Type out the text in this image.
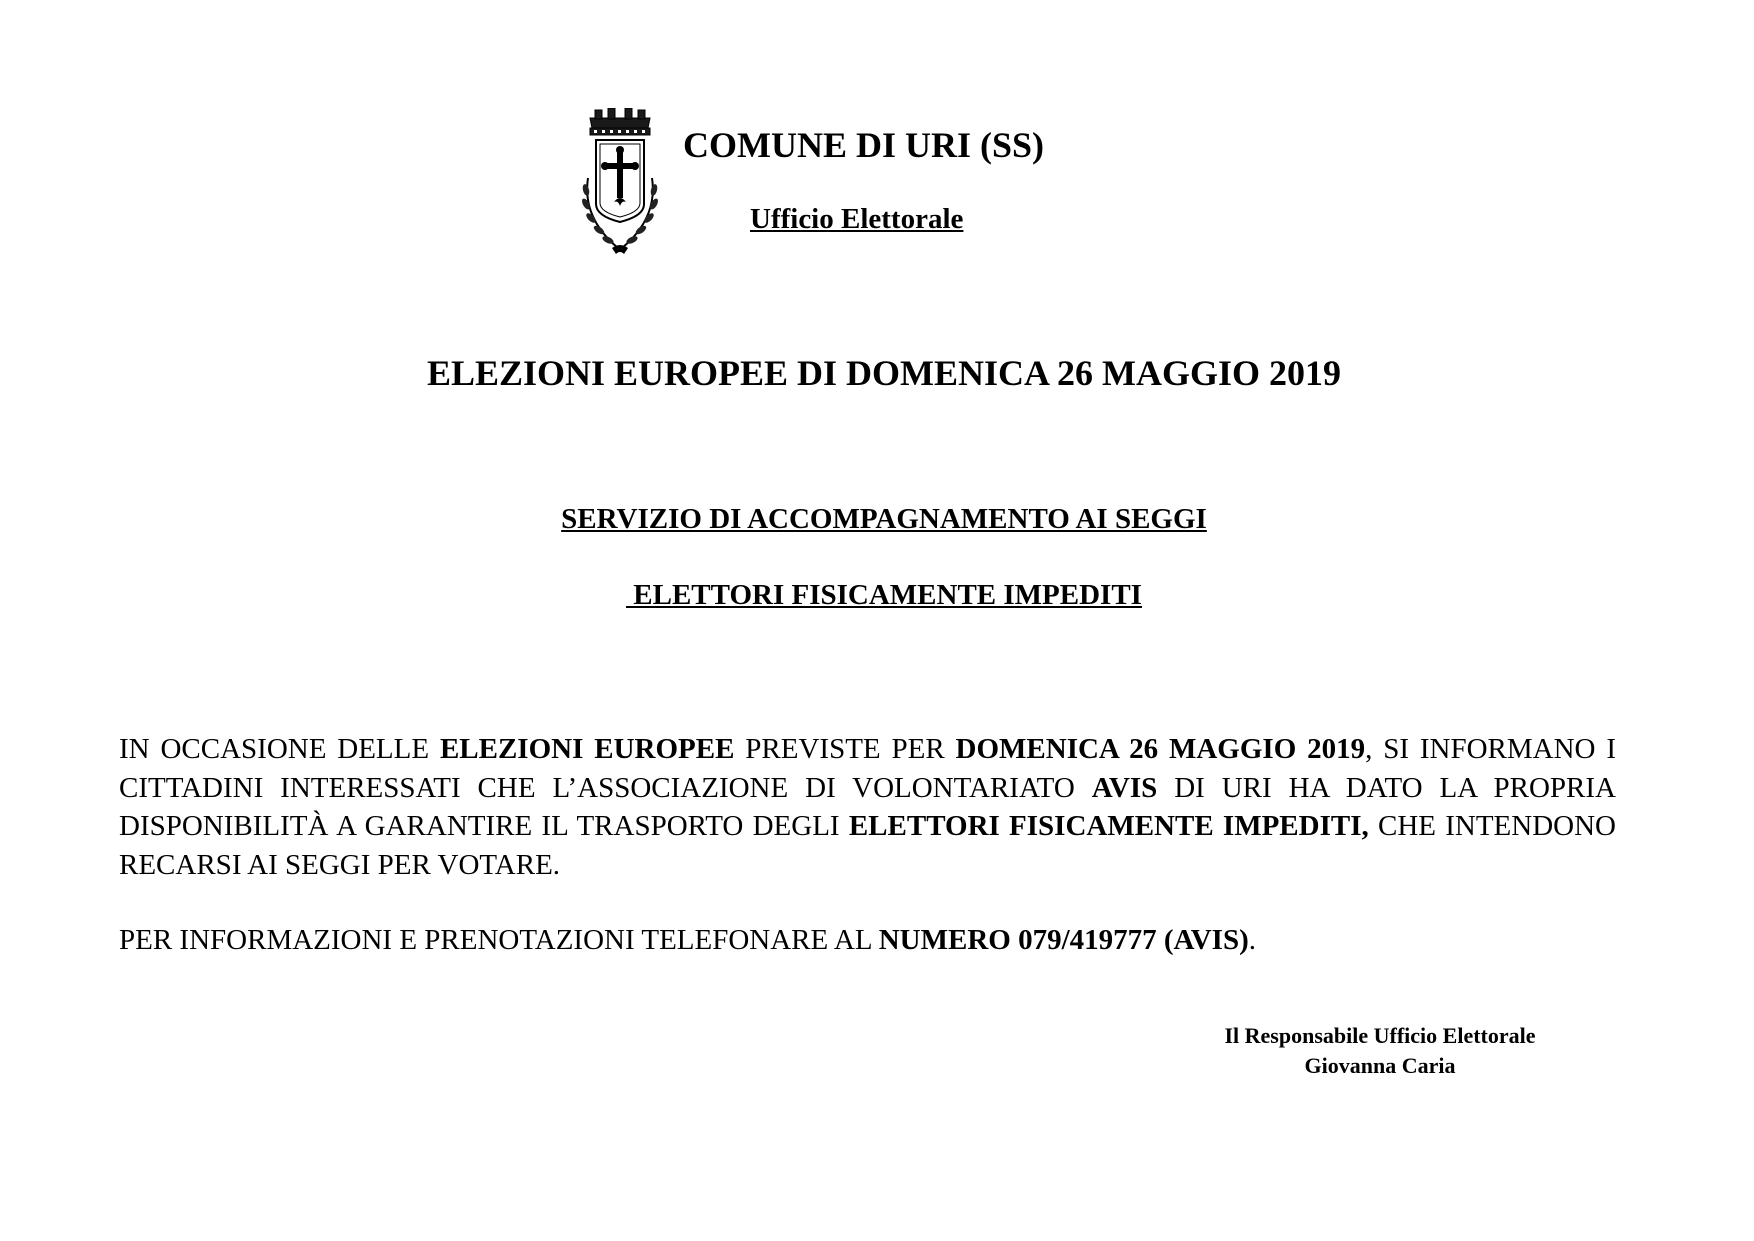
COMUNE DI URI (SS)
Ufficio Elettorale
ELEZIONI EUROPEE DI DOMENICA 26 MAGGIO 2019
SERVIZIO DI ACCOMPAGNAMENTO AI SEGGI
ELETTORI FISICAMENTE IMPEDITI
IN OCCASIONE DELLE ELEZIONI EUROPEE PREVISTE PER DOMENICA 26 MAGGIO 2019, SI INFORMANO I CITTADINI INTERESSATI CHE L’ASSOCIAZIONE DI VOLONTARIATO AVIS DI URI HA DATO LA PROPRIA DISPONIBILITÀ A GARANTIRE IL TRASPORTO DEGLI ELETTORI FISICAMENTE IMPEDITI, CHE INTENDONO RECARSI AI SEGGI PER VOTARE.
PER INFORMAZIONI E PRENOTAZIONI TELEFONARE AL NUMERO 079/419777 (AVIS).
Il Responsabile Ufficio Elettorale
Giovanna Caria
